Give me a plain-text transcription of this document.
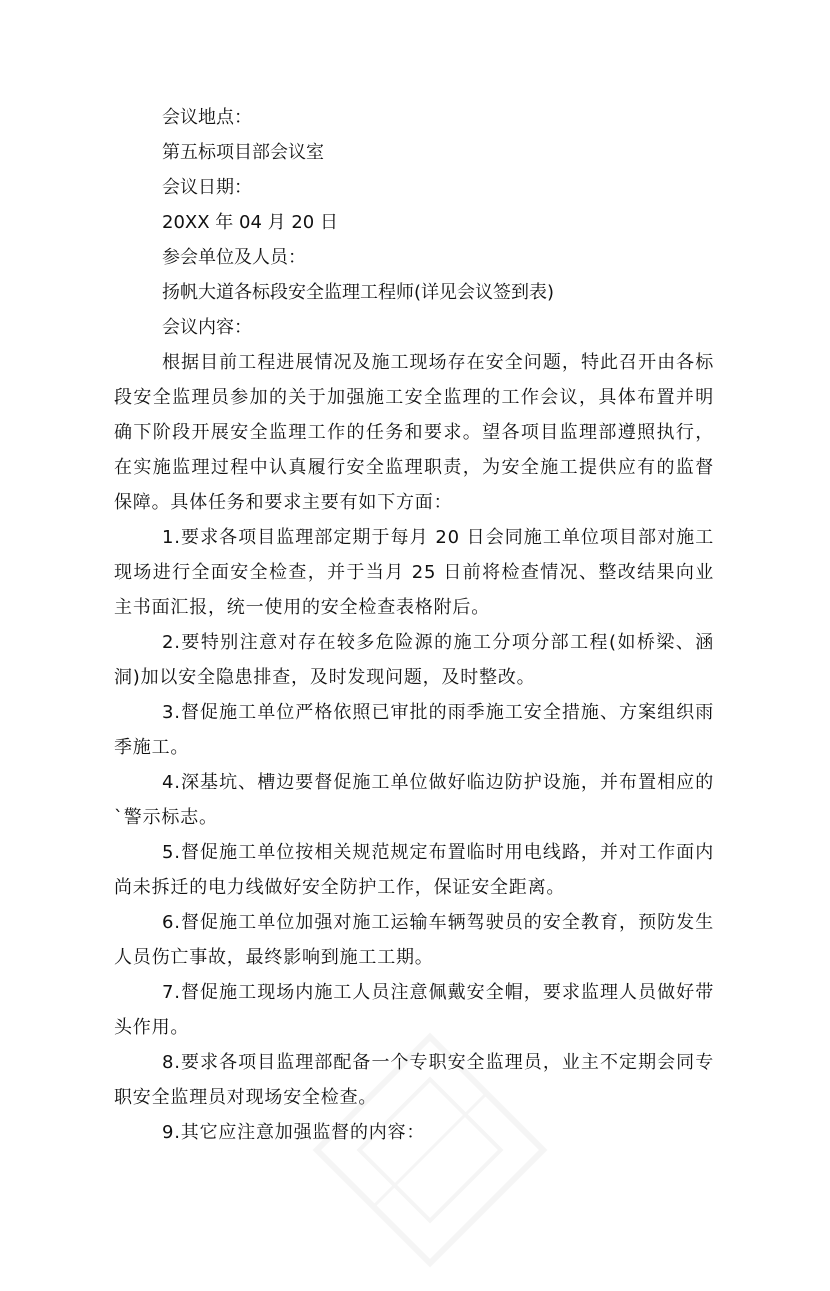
会议地点：

第五标项目部会议室

会议日期：

20XX 年 04 月 20 日

参会单位及人员：

扬帆大道各标段安全监理工程师(详见会议签到表)

会议内容：

根据目前工程进展情况及施工现场存在安全问题，特此召开由各标段安全监理员参加的关于加强施工安全监理的工作会议，具体布置并明确下阶段开展安全监理工作的任务和要求。望各项目监理部遵照执行，在实施监理过程中认真履行安全监理职责，为安全施工提供应有的监督保障。具体任务和要求主要有如下方面：

1.要求各项目监理部定期于每月 20 日会同施工单位项目部对施工现场进行全面安全检查，并于当月 25 日前将检查情况、整改结果向业主书面汇报，统一使用的安全检查表格附后。

2.要特别注意对存在较多危险源的施工分项分部工程(如桥梁、涵洞)加以安全隐患排查，及时发现问题，及时整改。

3.督促施工单位严格依照已审批的雨季施工安全措施、方案组织雨季施工。

4.深基坑、槽边要督促施工单位做好临边防护设施，并布置相应的`警示标志。

5.督促施工单位按相关规范规定布置临时用电线路，并对工作面内尚未拆迁的电力线做好安全防护工作，保证安全距离。

6.督促施工单位加强对施工运输车辆驾驶员的安全教育，预防发生人员伤亡事故，最终影响到施工工期。

7.督促施工现场内施工人员注意佩戴安全帽，要求监理人员做好带头作用。

8.要求各项目监理部配备一个专职安全监理员，业主不定期会同专职安全监理员对现场安全检查。

9.其它应注意加强监督的内容：
